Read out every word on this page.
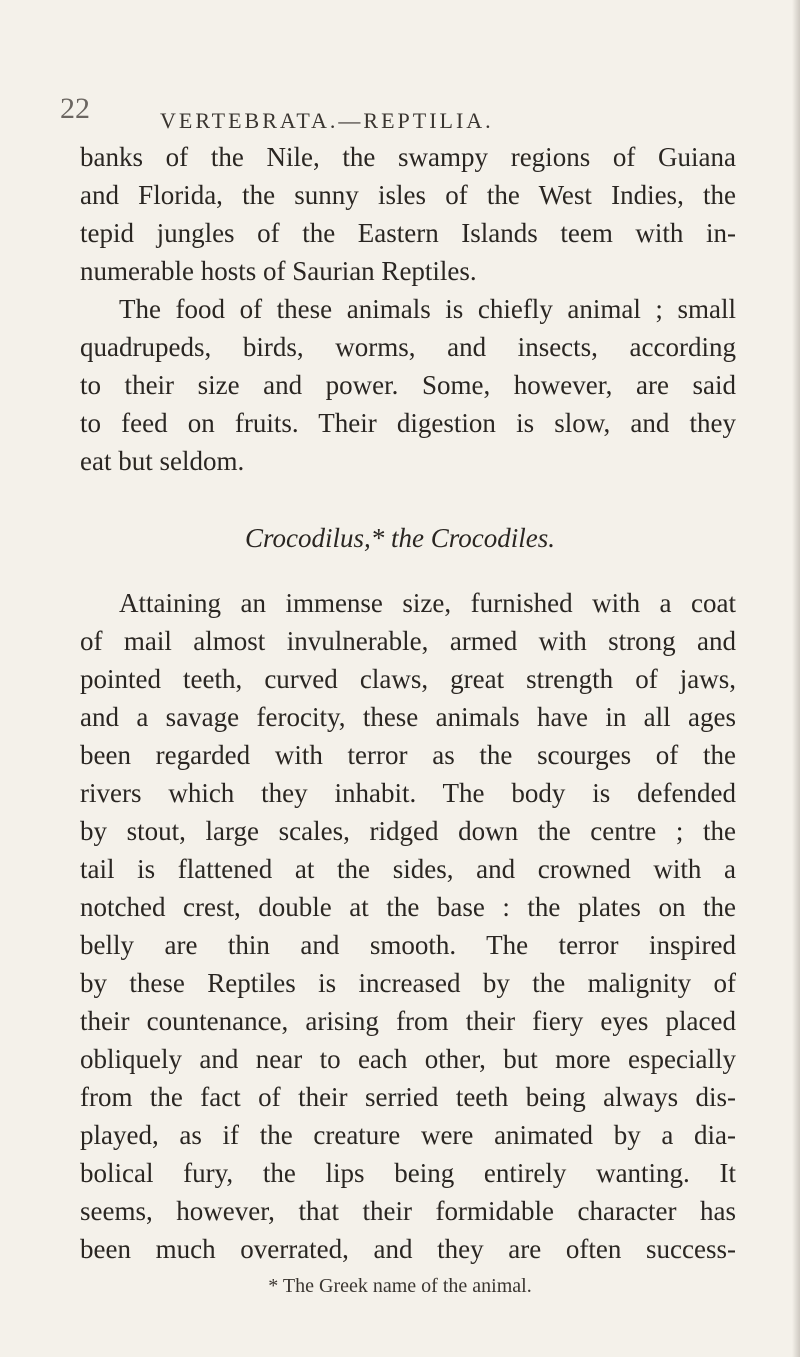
22	VERTEBRATA.—REPTILIA.
banks of the Nile, the swampy regions of Guiana
and Florida, the sunny isles of the West Indies, the
tepid jungles of the Eastern Islands teem with in-
numerable hosts of Saurian Reptiles.
The food of these animals is chiefly animal ; small
quadrupeds, birds, worms, and insects, according
to their size and power. Some, however, are said
to feed on fruits. Their digestion is slow, and they
eat but seldom.
Crocodilus,* the Crocodiles.
Attaining an immense size, furnished with a coat
of mail almost invulnerable, armed with strong and
pointed teeth, curved claws, great strength of jaws,
and a savage ferocity, these animals have in all ages
been regarded with terror as the scourges of the
rivers which they inhabit. The body is defended
by stout, large scales, ridged down the centre ; the
tail is flattened at the sides, and crowned with a
notched crest, double at the base : the plates on the
belly are thin and smooth. The terror inspired
by these Reptiles is increased by the malignity of
their countenance, arising from their fiery eyes placed
obliquely and near to each other, but more especially
from the fact of their serried teeth being always dis-
played, as if the creature were animated by a dia-
bolical fury, the lips being entirely wanting. It
seems, however, that their formidable character has
been much overrated, and they are often success-
* The Greek name of the animal.
